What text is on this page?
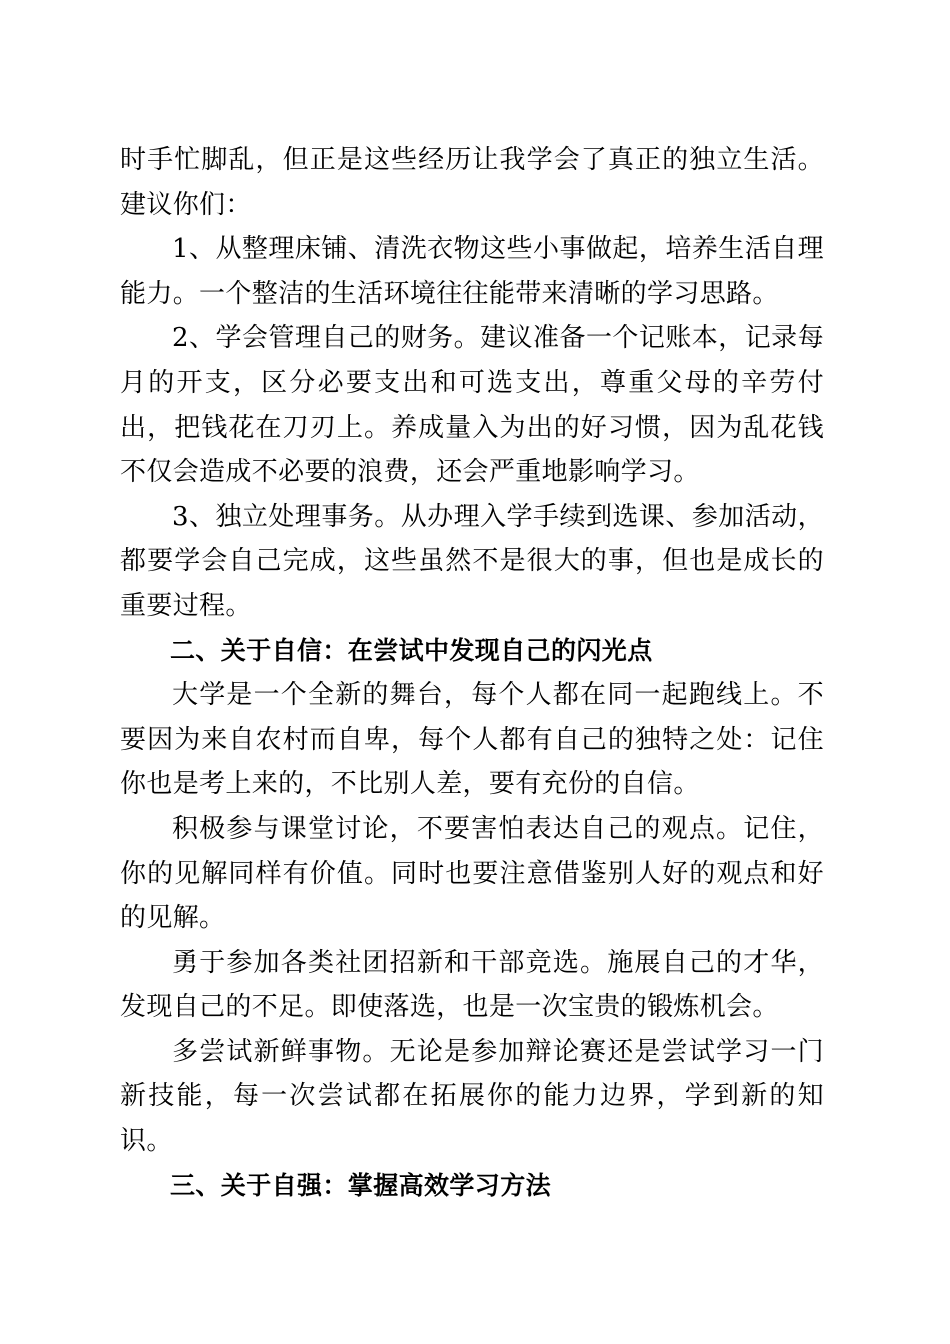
时手忙脚乱，但正是这些经历让我学会了真正的独立生活。建议你们：

1、从整理床铺、清洗衣物这些小事做起，培养生活自理能力。一个整洁的生活环境往往能带来清晰的学习思路。

2、学会管理自己的财务。建议准备一个记账本，记录每月的开支，区分必要支出和可选支出，尊重父母的辛劳付出，把钱花在刀刃上。养成量入为出的好习惯，因为乱花钱不仅会造成不必要的浪费，还会严重地影响学习。

3、独立处理事务。从办理入学手续到选课、参加活动，都要学会自己完成，这些虽然不是很大的事，但也是成长的重要过程。

二、关于自信：在尝试中发现自己的闪光点

大学是一个全新的舞台，每个人都在同一起跑线上。不要因为来自农村而自卑，每个人都有自己的独特之处：记住你也是考上来的，不比别人差，要有充份的自信。

积极参与课堂讨论，不要害怕表达自己的观点。记住，你的见解同样有价值。同时也要注意借鉴别人好的观点和好的见解。

勇于参加各类社团招新和干部竞选。施展自己的才华，发现自己的不足。即使落选，也是一次宝贵的锻炼机会。

多尝试新鲜事物。无论是参加辩论赛还是尝试学习一门新技能，每一次尝试都在拓展你的能力边界，学到新的知识。

三、关于自强：掌握高效学习方法
